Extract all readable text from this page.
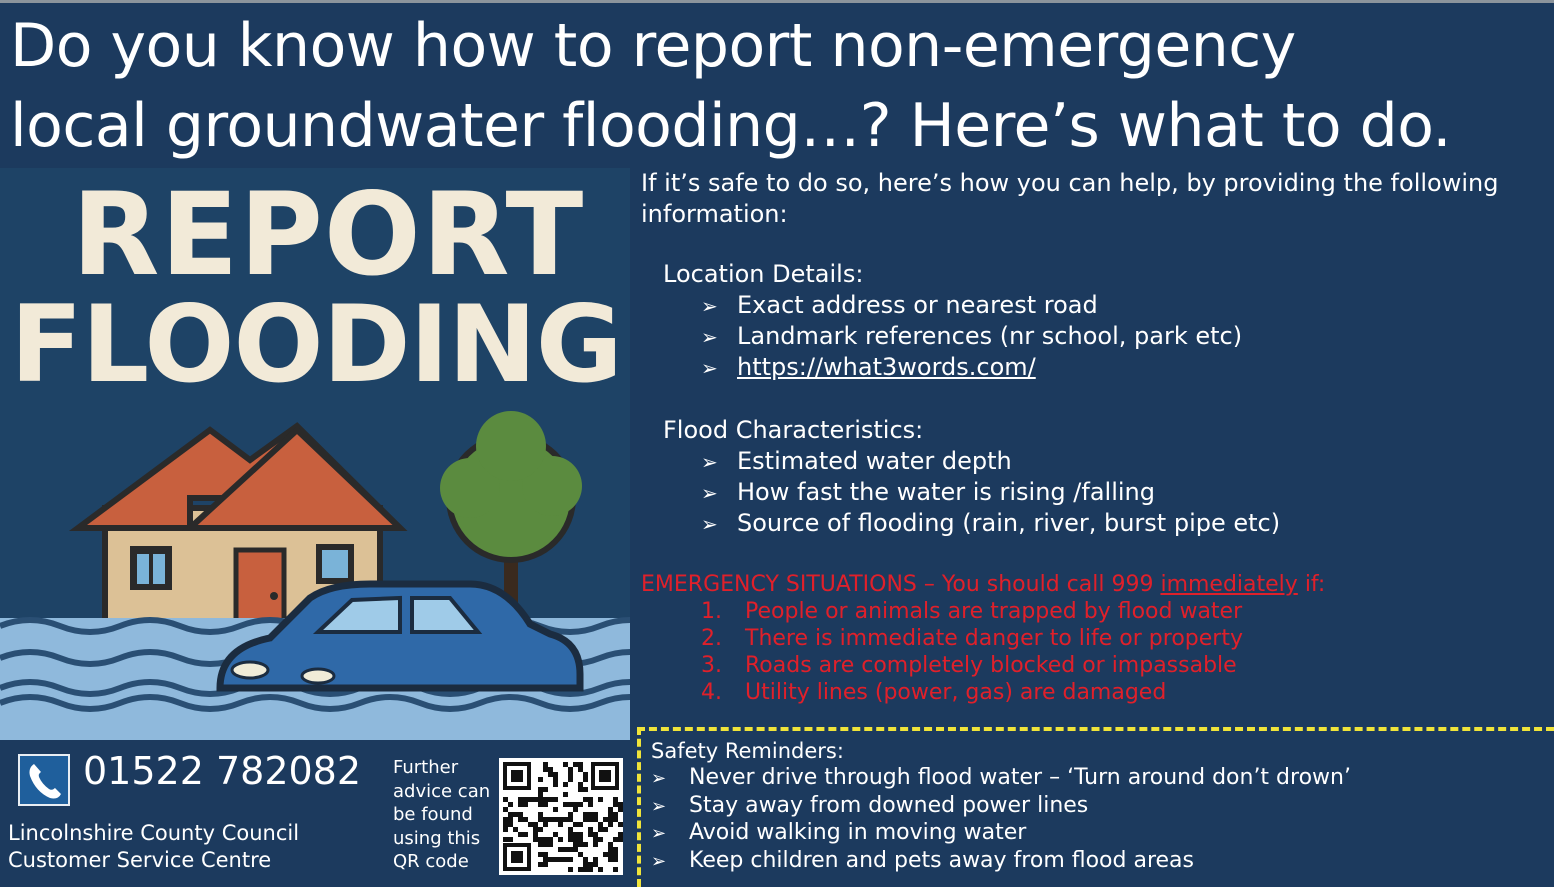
Do you know how to report non-emergency
local groundwater flooding…? Here’s what to do.
REPORT
FLOODING

If it’s safe to do so, here’s how you can help, by providing the following
information:

Location Details:
➢ Exact address or nearest road
➢ Landmark references (nr school, park etc)
➢ https://what3words.com/
Flood Characteristics:
➢ Estimated water depth
➢ How fast the water is rising /falling
➢ Source of flooding (rain, river, burst pipe etc)
EMERGENCY SITUATIONS – You should call 999 immediately if:
1. People or animals are trapped by flood water
2. There is immediate danger to life or property
3. Roads are completely blocked or impassable
4. Utility lines (power, gas) are damaged
01522 782082
Lincolnshire County Council
Customer Service Centre
Further
advice can
be found
using this
QR code
Safety Reminders:
➢ Never drive through flood water – ‘Turn around don’t drown’
➢ Stay away from downed power lines
➢ Avoid walking in moving water
➢ Keep children and pets away from flood areas
